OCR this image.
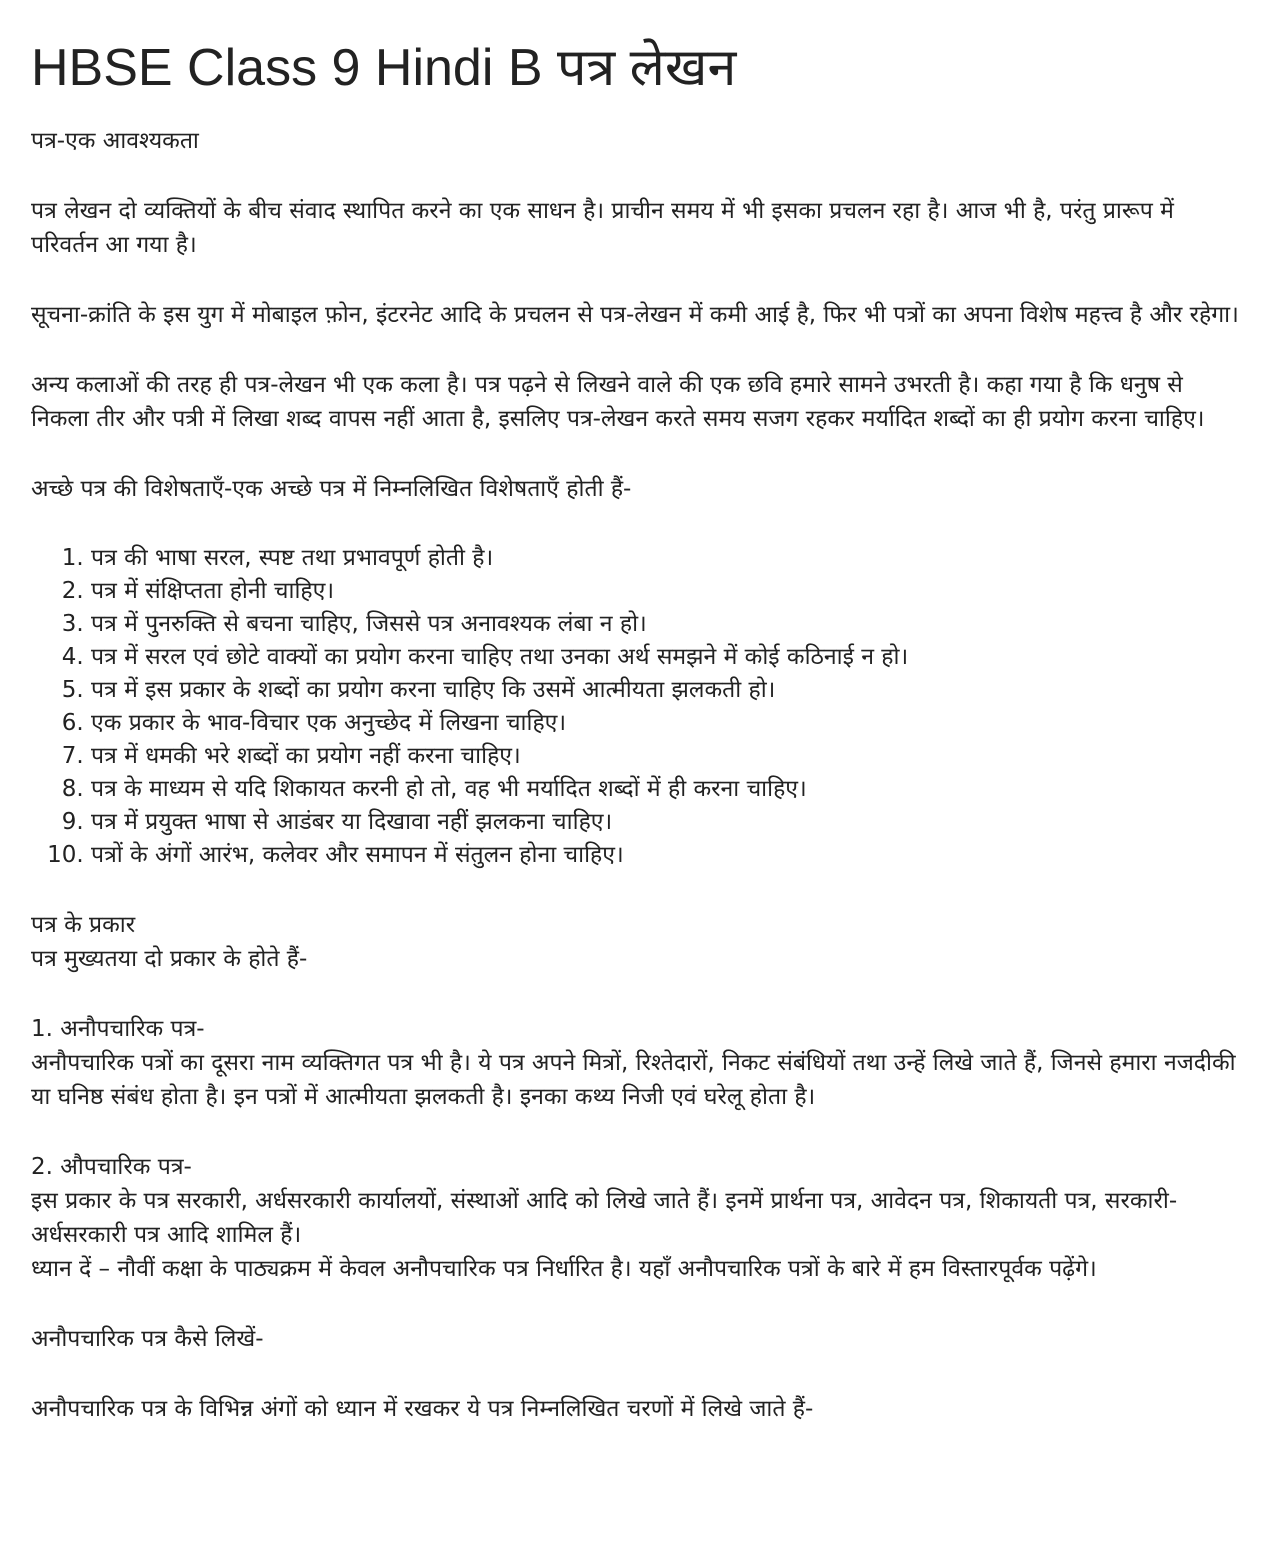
HBSE Class 9 Hindi B पत्र लेखन

पत्र-एक आवश्यकता

पत्र लेखन दो व्यक्तियों के बीच संवाद स्थापित करने का एक साधन है। प्राचीन समय में भी इसका प्रचलन रहा है। आज भी है, परंतु प्रारूप में परिवर्तन आ गया है।

सूचना-क्रांति के इस युग में मोबाइल फ़ोन, इंटरनेट आदि के प्रचलन से पत्र-लेखन में कमी आई है, फिर भी पत्रों का अपना विशेष महत्त्व है और रहेगा।

अन्य कलाओं की तरह ही पत्र-लेखन भी एक कला है। पत्र पढ़ने से लिखने वाले की एक छवि हमारे सामने उभरती है। कहा गया है कि धनुष से निकला तीर और पत्री में लिखा शब्द वापस नहीं आता है, इसलिए पत्र-लेखन करते समय सजग रहकर मर्यादित शब्दों का ही प्रयोग करना चाहिए।

अच्छे पत्र की विशेषताएँ-एक अच्छे पत्र में निम्नलिखित विशेषताएँ होती हैं-

1. पत्र की भाषा सरल, स्पष्ट तथा प्रभावपूर्ण होती है।
2. पत्र में संक्षिप्तता होनी चाहिए।
3. पत्र में पुनरुक्ति से बचना चाहिए, जिससे पत्र अनावश्यक लंबा न हो।
4. पत्र में सरल एवं छोटे वाक्यों का प्रयोग करना चाहिए तथा उनका अर्थ समझने में कोई कठिनाई न हो।
5. पत्र में इस प्रकार के शब्दों का प्रयोग करना चाहिए कि उसमें आत्मीयता झलकती हो।
6. एक प्रकार के भाव-विचार एक अनुच्छेद में लिखना चाहिए।
7. पत्र में धमकी भरे शब्दों का प्रयोग नहीं करना चाहिए।
8. पत्र के माध्यम से यदि शिकायत करनी हो तो, वह भी मर्यादित शब्दों में ही करना चाहिए।
9. पत्र में प्रयुक्त भाषा से आडंबर या दिखावा नहीं झलकना चाहिए।
10. पत्रों के अंगों आरंभ, कलेवर और समापन में संतुलन होना चाहिए।

पत्र के प्रकार

पत्र मुख्यतया दो प्रकार के होते हैं-

1. अनौपचारिक पत्र-

अनौपचारिक पत्रों का दूसरा नाम व्यक्तिगत पत्र भी है। ये पत्र अपने मित्रों, रिश्तेदारों, निकट संबंधियों तथा उन्हें लिखे जाते हैं, जिनसे हमारा नजदीकी या घनिष्ठ संबंध होता है। इन पत्रों में आत्मीयता झलकती है। इनका कथ्य निजी एवं घरेलू होता है।

2. औपचारिक पत्र-

इस प्रकार के पत्र सरकारी, अर्धसरकारी कार्यालयों, संस्थाओं आदि को लिखे जाते हैं। इनमें प्रार्थना पत्र, आवेदन पत्र, शिकायती पत्र, सरकारी-अर्धसरकारी पत्र आदि शामिल हैं।

ध्यान दें – नौवीं कक्षा के पाठ्यक्रम में केवल अनौपचारिक पत्र निर्धारित है। यहाँ अनौपचारिक पत्रों के बारे में हम विस्तारपूर्वक पढ़ेंगे।

अनौपचारिक पत्र कैसे लिखें-

अनौपचारिक पत्र के विभिन्न अंगों को ध्यान में रखकर ये पत्र निम्नलिखित चरणों में लिखे जाते हैं-
